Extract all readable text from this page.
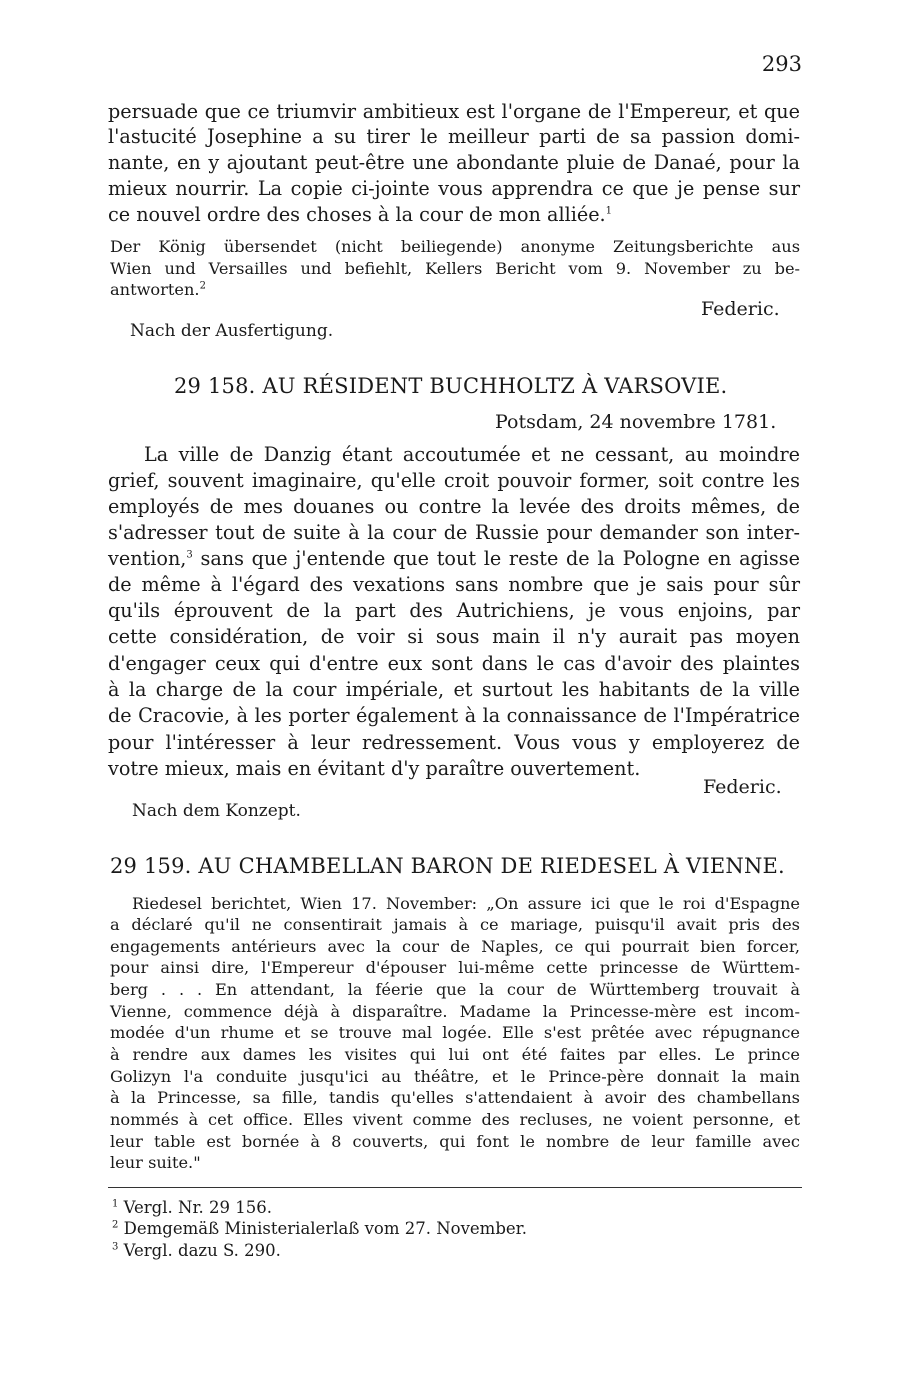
293
persuade que ce triumvir ambitieux est l'organe de l'Empereur, et que
l'astucité Josephine a su tirer le meilleur parti de sa passion domi-
nante, en y ajoutant peut-être une abondante pluie de Danaé, pour la
mieux nourrir. La copie ci-jointe vous apprendra ce que je pense sur
ce nouvel ordre des choses à la cour de mon alliée.$^1$
Der König übersendet (nicht beiliegende) anonyme Zeitungsberichte aus
Wien und Versailles und befiehlt, Kellers Bericht vom 9. November zu be-
antworten.$^2$
Federic.
Nach der Ausfertigung.
29 158. AU RÉSIDENT BUCHHOLTZ À VARSOVIE.
Potsdam, 24 novembre 1781.
La ville de Danzig étant accoutumée et ne cessant, au moindre
grief, souvent imaginaire, qu'elle croit pouvoir former, soit contre les
employés de mes douanes ou contre la levée des droits mêmes, de
s'adresser tout de suite à la cour de Russie pour demander son inter-
vention,$^3$ sans que j'entende que tout le reste de la Pologne en agisse
de même à l'égard des vexations sans nombre que je sais pour sûr
qu'ils éprouvent de la part des Autrichiens, je vous enjoins, par
cette considération, de voir si sous main il n'y aurait pas moyen
d'engager ceux qui d'entre eux sont dans le cas d'avoir des plaintes
à la charge de la cour impériale, et surtout les habitants de la ville
de Cracovie, à les porter également à la connaissance de l'Impératrice
pour l'intéresser à leur redressement. Vous vous y employerez de
votre mieux, mais en évitant d'y paraître ouvertement.
Federic.
Nach dem Konzept.
29 159. AU CHAMBELLAN BARON DE RIEDESEL À VIENNE.
Riedesel berichtet, Wien 17. November: „On assure ici que le roi d'Espagne
a déclaré qu'il ne consentirait jamais à ce mariage, puisqu'il avait pris des
engagements antérieurs avec la cour de Naples, ce qui pourrait bien forcer,
pour ainsi dire, l'Empereur d'épouser lui-même cette princesse de Württem-
berg . . . En attendant, la féerie que la cour de Württemberg trouvait à
Vienne, commence déjà à disparaître. Madame la Princesse-mère est incom-
modée d'un rhume et se trouve mal logée. Elle s'est prêtée avec répugnance
à rendre aux dames les visites qui lui ont été faites par elles. Le prince
Golizyn l'a conduite jusqu'ici au théâtre, et le Prince-père donnait la main
à la Princesse, sa fille, tandis qu'elles s'attendaient à avoir des chambellans
nommés à cet office. Elles vivent comme des recluses, ne voient personne, et
leur table est bornée à 8 couverts, qui font le nombre de leur famille avec
leur suite."
$^1$ Vergl. Nr. 29 156.
$^2$ Demgemäß Ministerialerlaß vom 27. November.
$^3$ Vergl. dazu S. 290.
